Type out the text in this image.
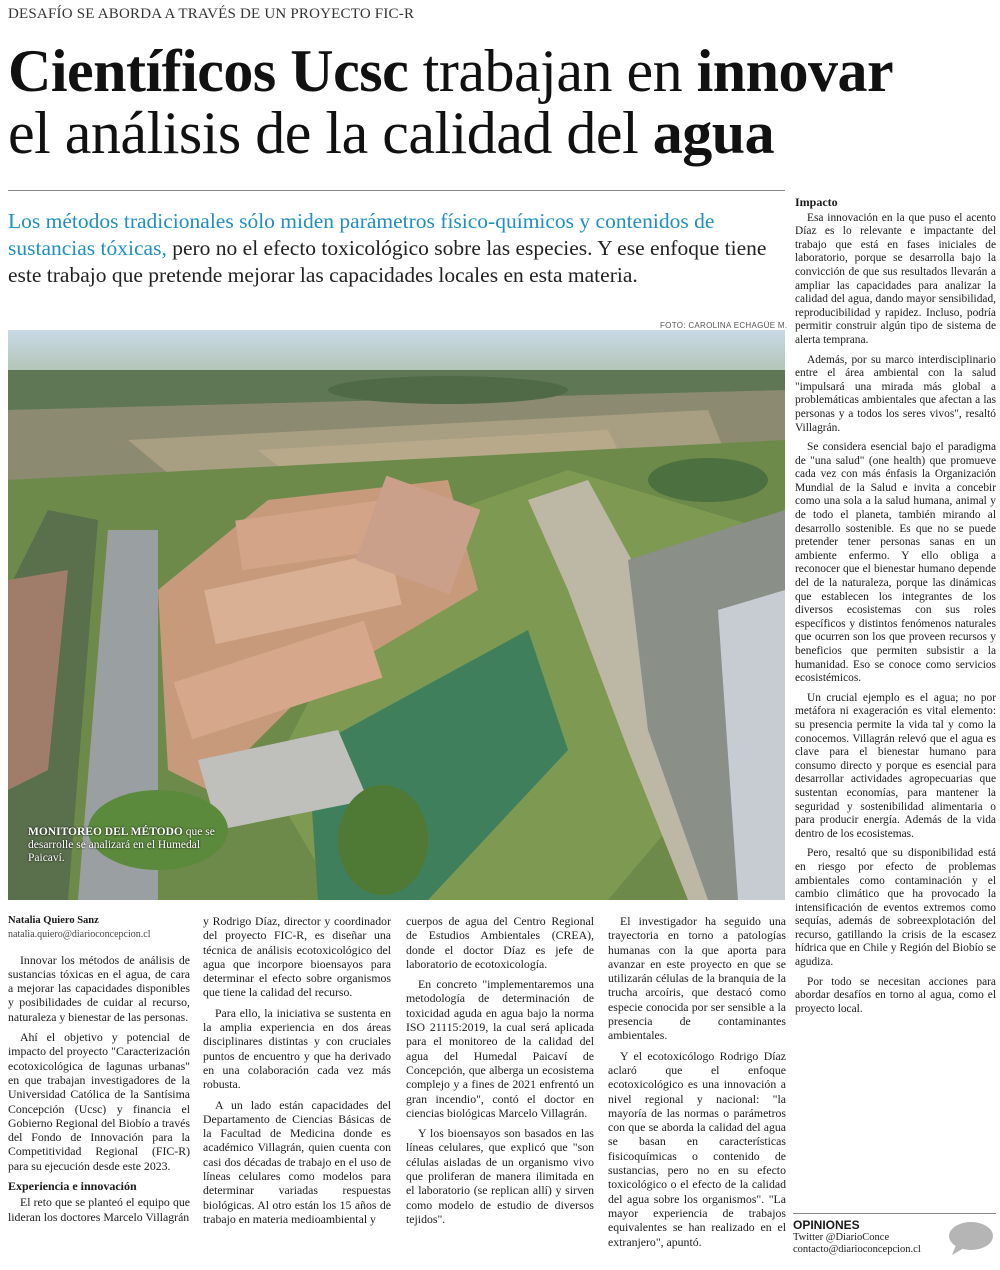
DESAFÍO SE ABORDA A TRAVÉS DE UN PROYECTO FIC-R
Científicos Ucsc trabajan en innovar
el análisis de la calidad del agua
Los métodos tradicionales sólo miden parámetros físico-químicos y contenidos de sustancias tóxicas, pero no el efecto toxicológico sobre las especies. Y ese enfoque tiene este trabajo que pretende mejorar las capacidades locales en esta materia.
FOTO: CAROLINA ECHAGÜE M.
MONITOREO DEL MÉTODO que se desarrolle se analizará en el Humedal Paicaví.
Natalia Quiero Sanz
natalia.quiero@diarioconcepcion.cl

Innovar los métodos de análisis de sustancias tóxicas en el agua, de cara a mejorar las capacidades disponibles y posibilidades de cuidar al recurso, naturaleza y bienestar de las personas.

Ahí el objetivo y potencial de impacto del proyecto "Caracterización ecotoxicológica de lagunas urbanas" en que trabajan investigadores de la Universidad Católica de la Santísima Concepción (Ucsc) y financia el Gobierno Regional del Biobío a través del Fondo de Innovación para la Competitividad Regional (FIC-R) para su ejecución desde este 2023.

Experiencia e innovación

El reto que se planteó el equipo que lideran los doctores Marcelo Villagrán

y Rodrigo Díaz, director y coordinador del proyecto FIC-R, es diseñar una técnica de análisis ecotoxicológico del agua que incorpore bioensayos para determinar el efecto sobre organismos que tiene la calidad del recurso.

Para ello, la iniciativa se sustenta en la amplia experiencia en dos áreas disciplinares distintas y con cruciales puntos de encuentro y que ha derivado en una colaboración cada vez más robusta.

A un lado están capacidades del Departamento de Ciencias Básicas de la Facultad de Medicina donde es académico Villagrán, quien cuenta con casi dos décadas de trabajo en el uso de líneas celulares como modelos para determinar variadas respuestas biológicas. Al otro están los 15 años de trabajo en materia medioambiental y

cuerpos de agua del Centro Regional de Estudios Ambientales (CREA), donde el doctor Díaz es jefe de laboratorio de ecotoxicología.

En concreto "implementaremos una metodología de determinación de toxicidad aguda en agua bajo la norma ISO 21115:2019, la cual será aplicada para el monitoreo de la calidad del agua del Humedal Paicaví de Concepción, que alberga un ecosistema complejo y a fines de 2021 enfrentó un gran incendio", contó el doctor en ciencias biológicas Marcelo Villagrán.

Y los bioensayos son basados en las líneas celulares, que explicó que "son células aisladas de un organismo vivo que proliferan de manera ilimitada en el laboratorio (se replican allí) y sirven como modelo de estudio de diversos tejidos".

El investigador ha seguido una trayectoria en torno a patologías humanas con la que aporta para avanzar en este proyecto en que se utilizarán células de la branquia de la trucha arcoíris, que destacó como especie conocida por ser sensible a la presencia de contaminantes ambientales.

Y el ecotoxicólogo Rodrigo Díaz aclaró que el enfoque ecotoxicológico es una innovación a nivel regional y nacional: "la mayoría de las normas o parámetros con que se aborda la calidad del agua se basan en características fisicoquímicas o contenido de sustancias, pero no en su efecto toxicológico o el efecto de la calidad del agua sobre los organismos". "La mayor experiencia de trabajos equivalentes se han realizado en el extranjero", apuntó.

Impacto

Esa innovación en la que puso el acento Díaz es lo relevante e impactante del trabajo que está en fases iniciales de laboratorio, porque se desarrolla bajo la convicción de que sus resultados llevarán a ampliar las capacidades para analizar la calidad del agua, dando mayor sensibilidad, reproducibilidad y rapidez. Incluso, podría permitir construir algún tipo de sistema de alerta temprana.

Además, por su marco interdisciplinario entre el área ambiental con la salud "impulsará una mirada más global a problemáticas ambientales que afectan a las personas y a todos los seres vivos", resaltó Villagrán.

Se considera esencial bajo el paradigma de "una salud" (one health) que promueve cada vez con más énfasis la Organización Mundial de la Salud e invita a concebir como una sola a la salud humana, animal y de todo el planeta, también mirando al desarrollo sostenible. Es que no se puede pretender tener personas sanas en un ambiente enfermo. Y ello obliga a reconocer que el bienestar humano depende del de la naturaleza, porque las dinámicas que establecen los integrantes de los diversos ecosistemas con sus roles específicos y distintos fenómenos naturales que ocurren son los que proveen recursos y beneficios que permiten subsistir a la humanidad. Eso se conoce como servicios ecosistémicos.

Un crucial ejemplo es el agua; no por metáfora ni exageración es vital elemento: su presencia permite la vida tal y como la conocemos. Villagrán relevó que el agua es clave para el bienestar humano para consumo directo y porque es esencial para desarrollar actividades agropecuarias que sustentan economías, para mantener la seguridad y sostenibilidad alimentaria o para producir energía. Además de la vida dentro de los ecosistemas.

Pero, resaltó que su disponibilidad está en riesgo por efecto de problemas ambientales como contaminación y el cambio climático que ha provocado la intensificación de eventos extremos como sequías, además de sobreexplotación del recurso, gatillando la crisis de la escasez hídrica que en Chile y Región del Biobío se agudiza.

Por todo se necesitan acciones para abordar desafíos en torno al agua, como el proyecto local.

OPINIONES
Twitter @DiarioConce
contacto@diarioconcepcion.cl
